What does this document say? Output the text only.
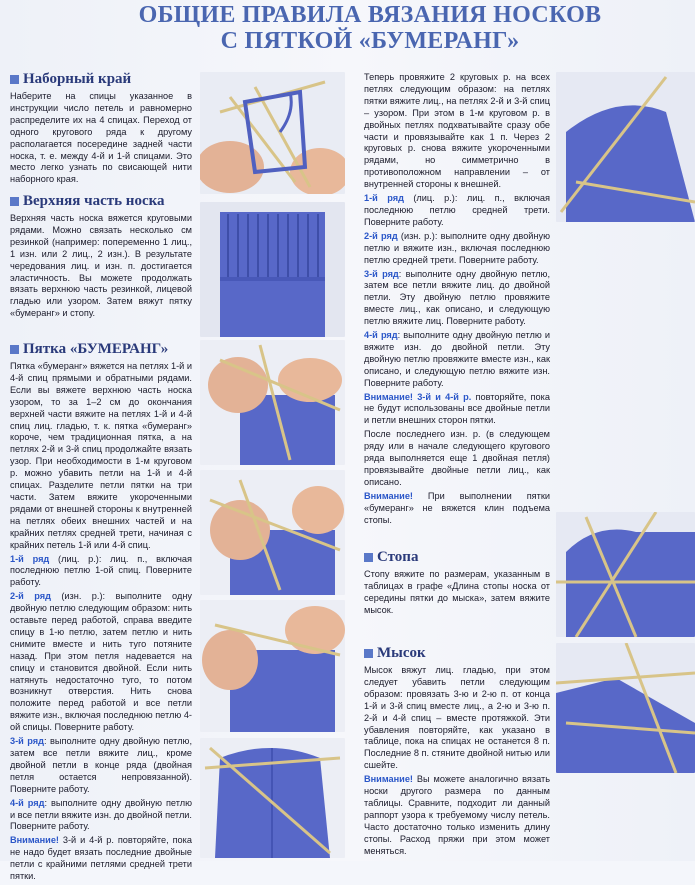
ОБЩИЕ ПРАВИЛА ВЯЗАНИЯ НОСКОВ
С ПЯТКОЙ «БУМЕРАНГ»
Наборный край

Наберите на спицы указанное в инструкции число петель и равномерно распределите их на 4 спицах. Переход от одного кругового ряда к другому располагается посередине задней части носка, т. е. между 4-й и 1-й спицами. Это место легко узнать по свисающей нити наборного края.

Верхняя часть носка

Верхняя часть носка вяжется круговыми рядами. Можно связать несколько см резинкой (например: попеременно 1 лиц., 1 изн. или 2 лиц., 2 изн.). В результате чередования лиц. и изн. п. достигается эластичность. Вы можете продолжать вязать верхнюю часть резинкой, лицевой гладью или узором. Затем вяжут пятку «бумеранг» и стопу.

Пятка «БУМЕРАНГ»

Пятка «бумеранг» вяжется на петлях 1-й и 4-й спиц прямыми и обратными рядами. Если вы вяжете верхнюю часть носка узором, то за 1–2 см до окончания верхней части вяжите на петлях 1-й и 4-й спиц лиц. гладью, т. к. пятка «бумеранг» короче, чем традиционная пятка, а на петлях 2-й и 3-й спиц продолжайте вязать узор. При необходимости в 1-м круговом р. можно убавить петли на 1-й и 4-й спицах. Разделите петли пятки на три части. Затем вяжите укороченными рядами от внешней стороны к внутренней на петлях обеих внешних частей и на крайних петлях средней трети, начиная с крайних петель 1-й или 4-й спиц.

1-й ряд (лиц. р.): лиц. п., включая последнюю петлю 1-ой спиц. Поверните работу.

2-й ряд (изн. р.): выполните одну двойную петлю следующим образом: нить оставьте перед работой, справа введите спицу в 1-ю петлю, затем петлю и нить снимите вместе и нить туго потяните назад. При этом петля надевается на спицу и становится двойной. Если нить натянуть недостаточно туго, то потом возникнут отверстия. Нить снова положите перед работой и все петли вяжите изн., включая последнюю петлю 4-ой спицы. Поверните работу.

3-й ряд: выполните одну двойную петлю, затем все петли вяжите лиц., кроме двойной петли в конце ряда (двойная петля остается непровязанной). Поверните работу.

4-й ряд: выполните одну двойную петлю и все петли вяжите изн. до двойной петли. Поверните работу.

Внимание! 3-й и 4-й р. повторяйте, пока не надо будет вязать последние двойные петли с крайними петлями средней трети пятки.

Теперь провяжите 2 круговых р. на всех петлях следующим образом: на петлях пятки вяжите лиц., на петлях 2-й и 3-й спиц – узором. При этом в 1-м круговом р. в двойных петлях подхватывайте сразу обе части и провязывайте как 1 п. Через 2 круговых р. снова вяжите укороченными рядами, но симметрично в противоположном направлении – от внутренней стороны к внешней.

1-й ряд (лиц. р.): лиц. п., включая последнюю петлю средней трети. Поверните работу.

2-й ряд (изн. р.): выполните одну двойную петлю и вяжите изн., включая последнюю петлю средней трети. Поверните работу.

3-й ряд: выполните одну двойную петлю, затем все петли вяжите лиц. до двойной петли. Эту двойную петлю провяжите вместе лиц., как описано, и следующую петлю вяжите лиц. Поверните работу.

4-й ряд: выполните одну двойную петлю и вяжите изн. до двойной петли. Эту двойную петлю провяжите вместе изн., как описано, и следующую петлю вяжите изн. Поверните работу.

Внимание! 3-й и 4-й р. повторяйте, пока не будут использованы все двойные петли и петли внешних сторон пятки.

После последнего изн. р. (в следующем ряду или в начале следующего кругового ряда выполняется еще 1 двойная петля) провязывайте двойные петли лиц., как описано.

Внимание! При выполнении пятки «бумеранг» не вяжется клин подъема стопы.

Стопа

Стопу вяжите по размерам, указанным в таблицах в графе «Длина стопы носка от середины пятки до мыска», затем вяжите мысок.

Мысок

Мысок вяжут лиц. гладью, при этом следует убавить петли следующим образом: провязать 3-ю и 2-ю п. от конца 1-й и 3-й спиц вместе лиц., а 2-ю и 3-ю п. 2-й и 4-й спиц – вместе протяжкой. Эти убавления повторяйте, как указано в таблице, пока на спицах не останется 8 п. Последние 8 п. стяните двойной нитью или сшейте.

Внимание! Вы можете аналогично вязать носки другого размера по данным таблицы. Сравните, подходит ли данный раппорт узора к требуемому числу петель. Часто достаточно только изменить длину стопы. Расход пряжи при этом может меняться.
